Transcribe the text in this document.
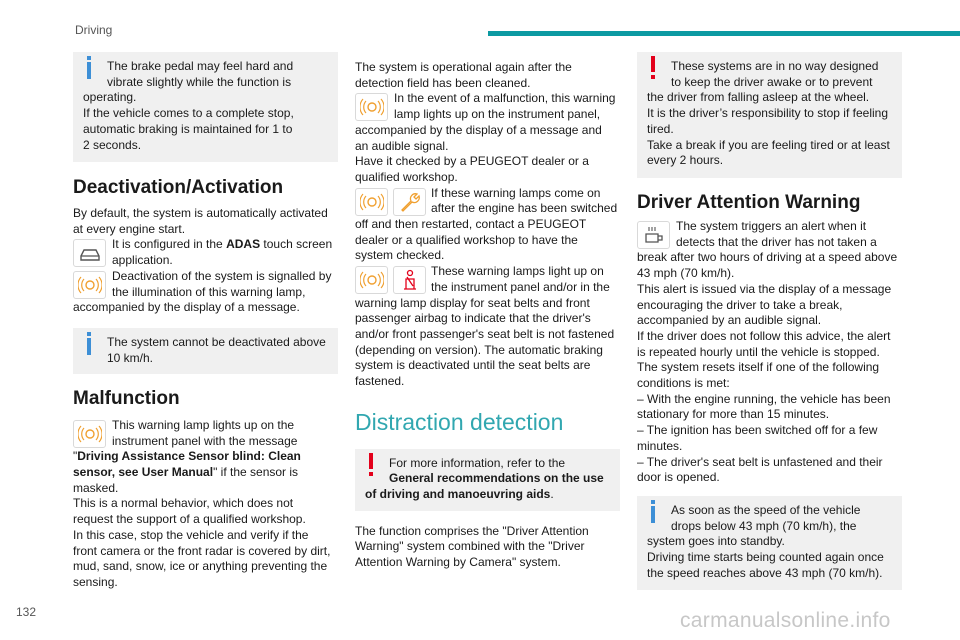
Driving

The brake pedal may feel hard and

vibrate slightly while the function is

operating.

If the vehicle comes to a complete stop,

automatic braking is maintained for 1 to

2 seconds.

Deactivation/Activation

By default, the system is automatically activated

at every engine start.

It is configured in the ADAS touch screen

application.

Deactivation of the system is signalled by

the illumination of this warning lamp,

accompanied by the display of a message.

The system cannot be deactivated above

10 km/h.

Malfunction

This warning lamp lights up on the

instrument panel with the message

"Driving Assistance Sensor blind: Clean

sensor, see User Manual" if the sensor is

masked.

This is a normal behavior, which does not

request the support of a qualified workshop.

In this case, stop the vehicle and verify if the

front camera or the front radar is covered by dirt,

mud, sand, snow, ice or anything preventing the

sensing.

The system is operational again after the

detection field has been cleaned.

In the event of a malfunction, this warning

lamp lights up on the instrument panel,

accompanied by the display of a message and

an audible signal.

Have it checked by a PEUGEOT dealer or a

qualified workshop.

If these warning lamps come on

after the engine has been switched

off and then restarted, contact a PEUGEOT

dealer or a qualified workshop to have the

system checked.

These warning lamps light up on

the instrument panel and/or in the

warning lamp display for seat belts and front

passenger airbag to indicate that the driver's

and/or front passenger's seat belt is not fastened

(depending on version). The automatic braking

system is deactivated until the seat belts are

fastened.

Distraction detection

For more information, refer to the

General recommendations on the use

of driving and manoeuvring aids.

The function comprises the "Driver Attention

Warning" system combined with the "Driver

Attention Warning by Camera" system.

These systems are in no way designed

to keep the driver awake or to prevent

the driver from falling asleep at the wheel.

It is the driver’s responsibility to stop if feeling

tired.

Take a break if you are feeling tired or at least

every 2 hours.

Driver Attention Warning

The system triggers an alert when it

detects that the driver has not taken a

break after two hours of driving at a speed above

43 mph (70 km/h).

This alert is issued via the display of a message

encouraging the driver to take a break,

accompanied by an audible signal.

If the driver does not follow this advice, the alert

is repeated hourly until the vehicle is stopped.

The system resets itself if one of the following

conditions is met:

– With the engine running, the vehicle has been

stationary for more than 15 minutes.

– The ignition has been switched off for a few

minutes.

– The driver's seat belt is unfastened and their

door is opened.

As soon as the speed of the vehicle

drops below 43 mph (70 km/h), the

system goes into standby.

Driving time starts being counted again once

the speed reaches above 43 mph (70 km/h).

132	carmanualsonline.info
